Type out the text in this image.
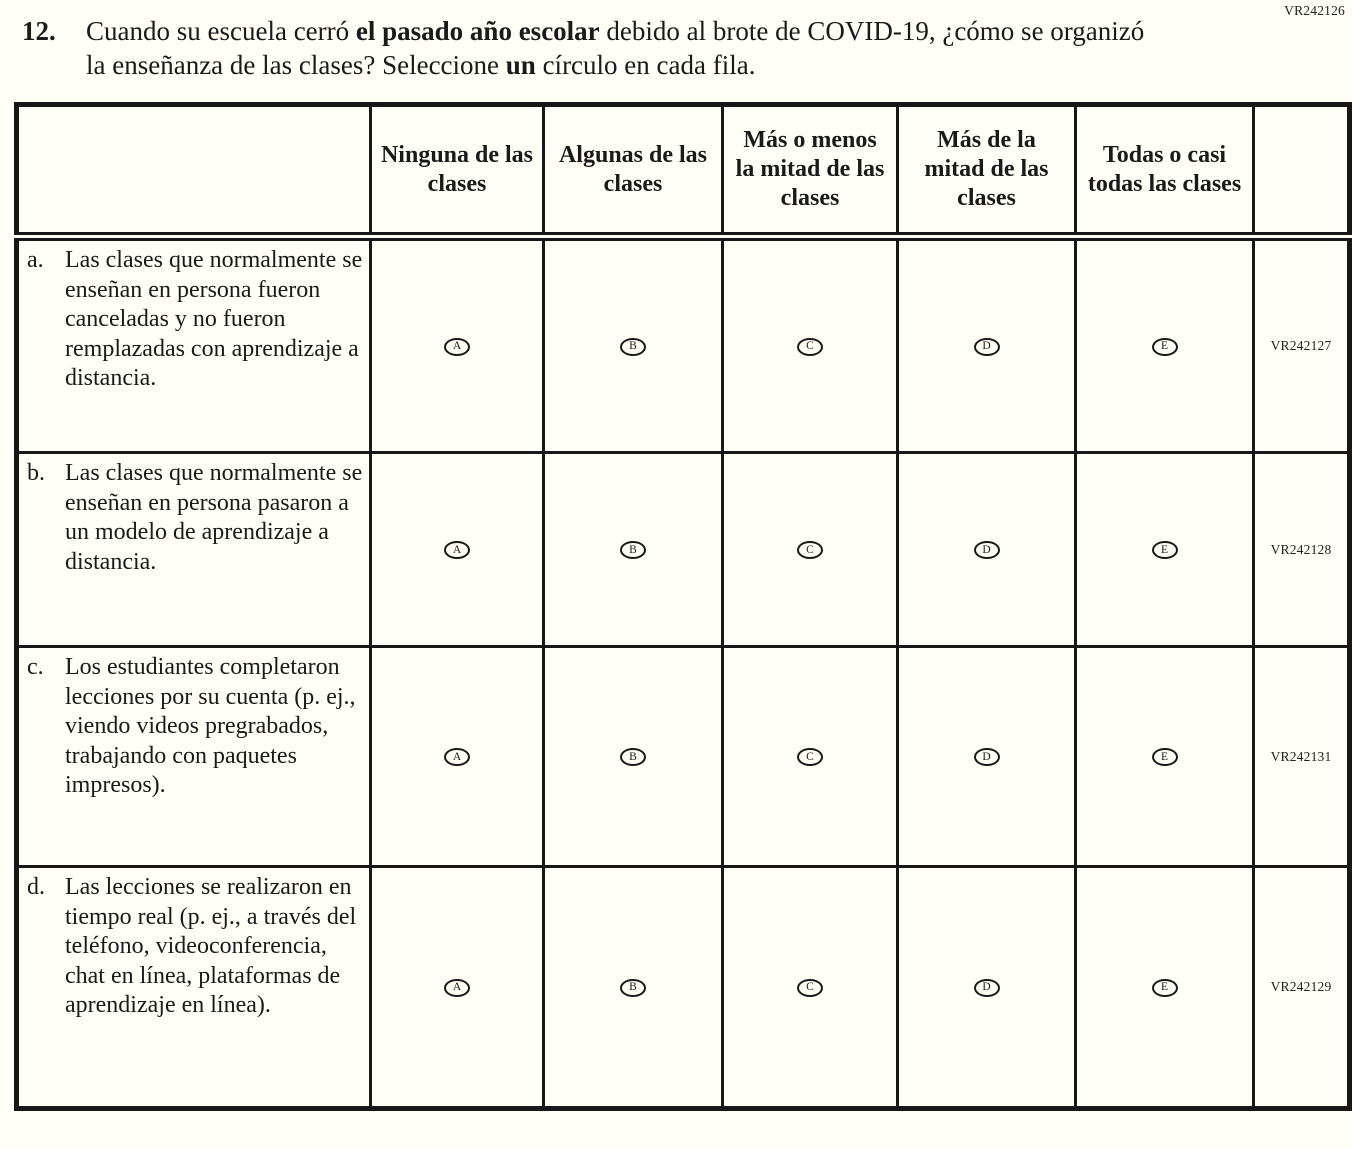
VR242126
12.	Cuando su escuela cerró el pasado año escolar debido al brote de COVID-19, ¿cómo se organizó la enseñanza de las clases? Seleccione un círculo en cada fila.

	Ninguna de las clases	Algunas de las clases	Más o menos la mitad de las clases	Más de la mitad de las clases	Todas o casi todas las clases	

a. Las clases que normalmente se enseñan en persona fueron canceladas y no fueron remplazadas con aprendizaje a distancia.	A	B	C	D	E	VR242127

b. Las clases que normalmente se enseñan en persona pasaron a un modelo de aprendizaje a distancia.	A	B	C	D	E	VR242128

c. Los estudiantes completaron lecciones por su cuenta (p. ej., viendo videos pregrabados, trabajando con paquetes impresos).	A	B	C	D	E	VR242131

d. Las lecciones se realizaron en tiempo real (p. ej., a través del teléfono, videoconferencia, chat en línea, plataformas de aprendizaje en línea).	A	B	C	D	E	VR242129
